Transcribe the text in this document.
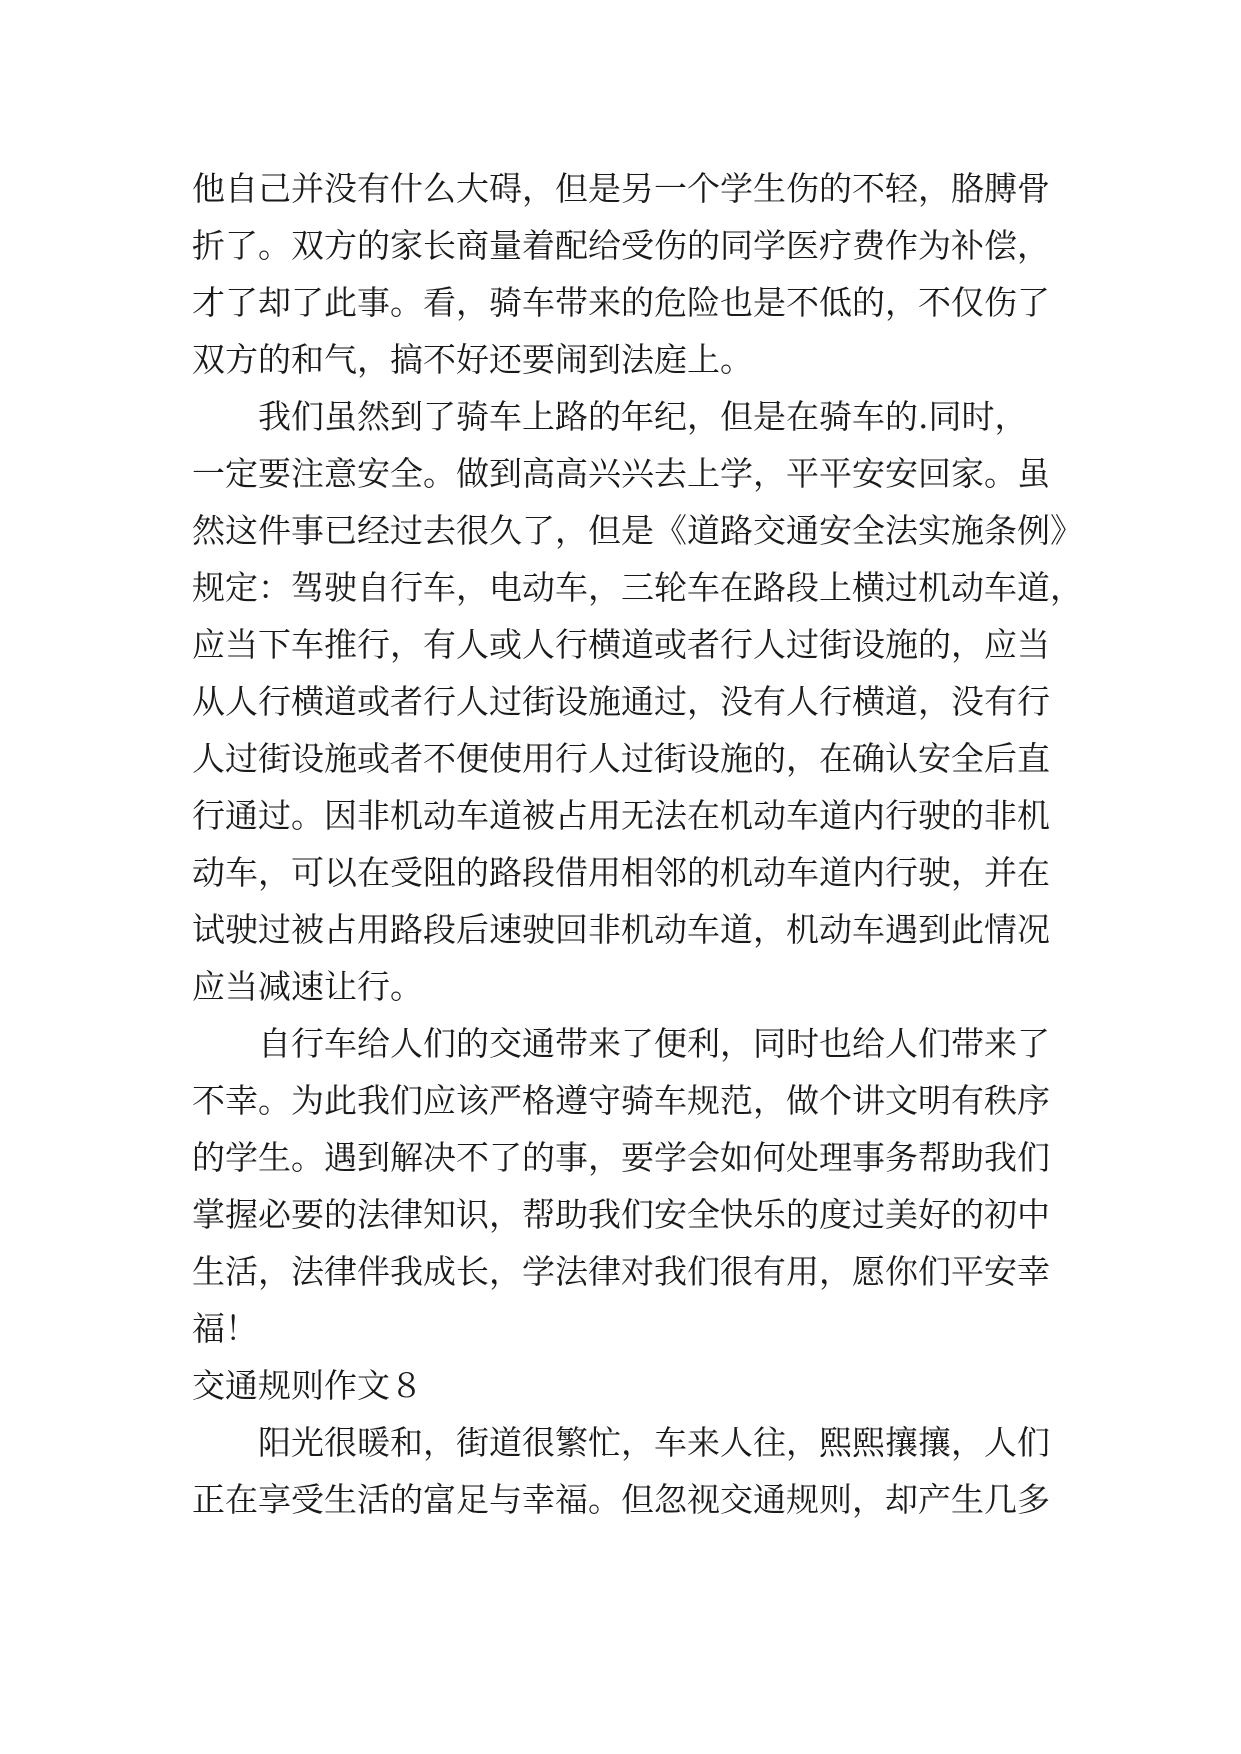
他自己并没有什么大碍，但是另一个学生伤的不轻，胳膊骨
折了。双方的家长商量着配给受伤的同学医疗费作为补偿，
才了却了此事。看，骑车带来的危险也是不低的，不仅伤了
双方的和气，搞不好还要闹到法庭上。
　　我们虽然到了骑车上路的年纪，但是在骑车的.同时，
一定要注意安全。做到高高兴兴去上学，平平安安回家。虽
然这件事已经过去很久了，但是《道路交通安全法实施条例》
规定：驾驶自行车，电动车，三轮车在路段上横过机动车道，
应当下车推行，有人或人行横道或者行人过街设施的，应当
从人行横道或者行人过街设施通过，没有人行横道，没有行
人过街设施或者不便使用行人过街设施的，在确认安全后直
行通过。因非机动车道被占用无法在机动车道内行驶的非机
动车，可以在受阻的路段借用相邻的机动车道内行驶，并在
试驶过被占用路段后速驶回非机动车道，机动车遇到此情况
应当减速让行。
　　自行车给人们的交通带来了便利，同时也给人们带来了
不幸。为此我们应该严格遵守骑车规范，做个讲文明有秩序
的学生。遇到解决不了的事，要学会如何处理事务帮助我们
掌握必要的法律知识，帮助我们安全快乐的度过美好的初中
生活，法律伴我成长，学法律对我们很有用，愿你们平安幸
福！
交通规则作文８
　　阳光很暖和，街道很繁忙，车来人往，熙熙攘攘，人们
正在享受生活的富足与幸福。但忽视交通规则，却产生几多
